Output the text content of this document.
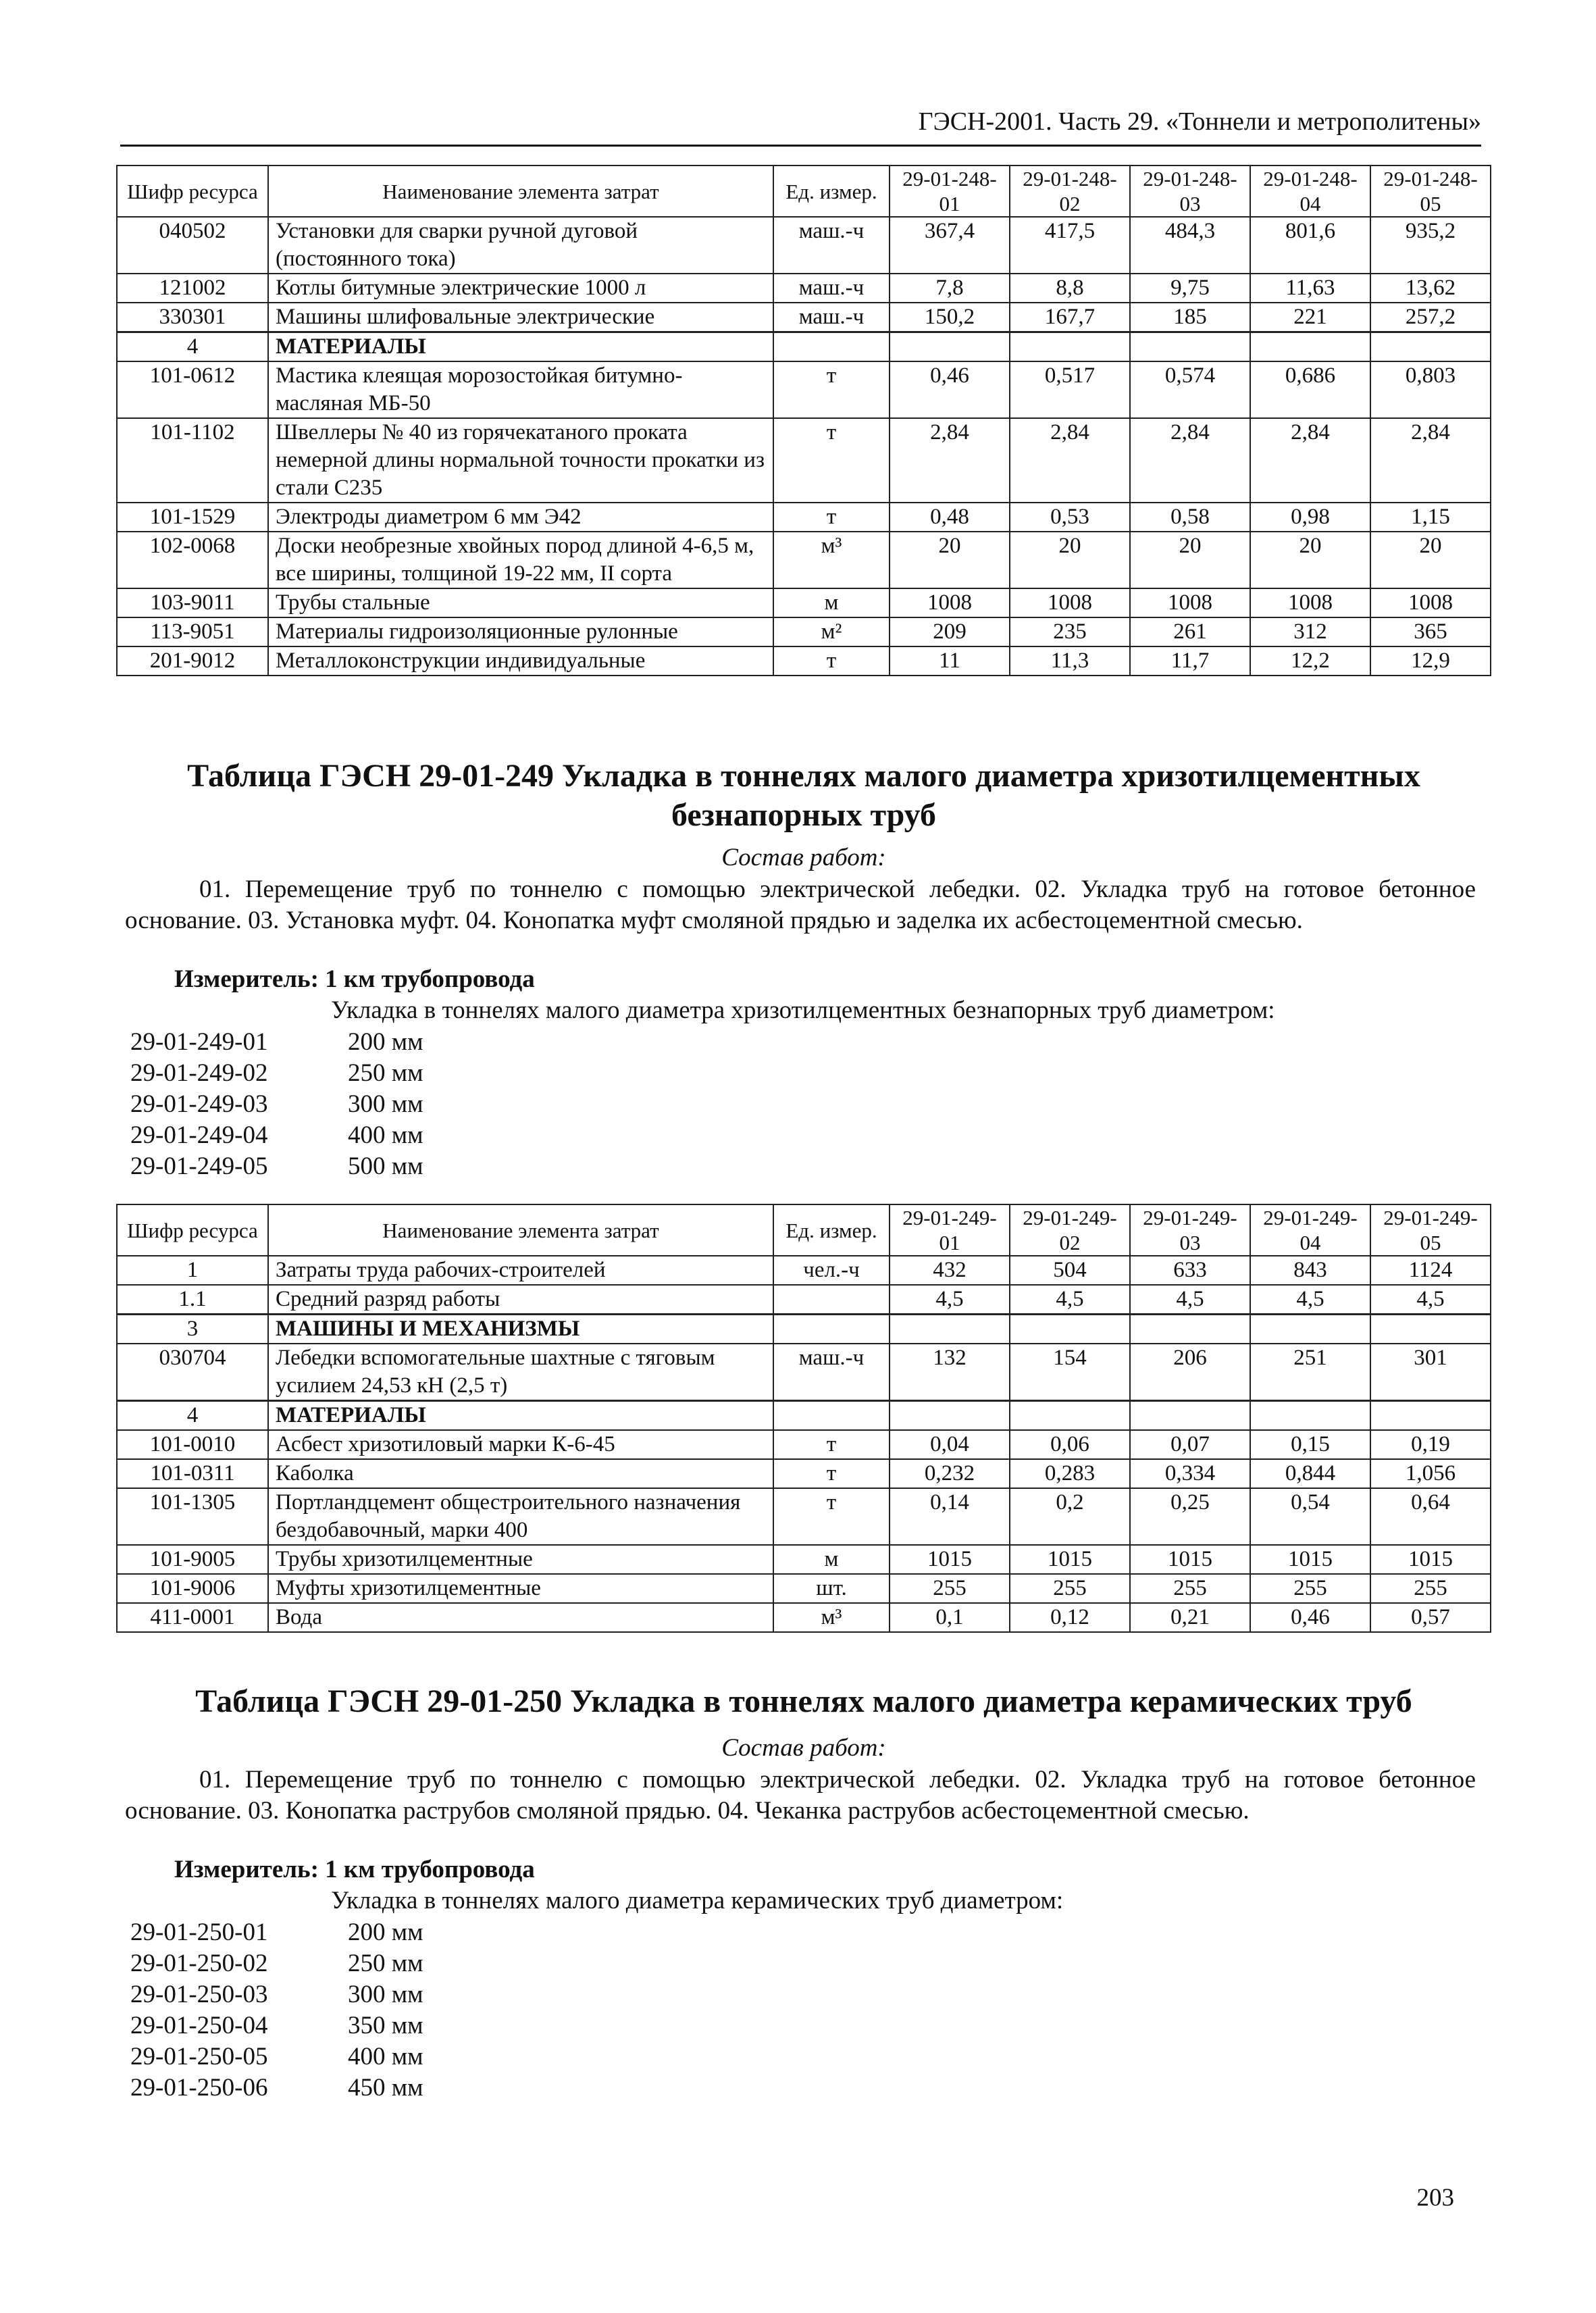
ГЭСН-2001. Часть 29. «Тоннели и метрополитены»
Шифр ресурса	Наименование элемента затрат	Ед. измер.	29-01-248-01	29-01-248-02	29-01-248-03	29-01-248-04	29-01-248-05
040502	Установки для сварки ручной дуговой (постоянного тока)	маш.-ч	367,4	417,5	484,3	801,6	935,2
121002	Котлы битумные электрические 1000 л	маш.-ч	7,8	8,8	9,75	11,63	13,62
330301	Машины шлифовальные электрические	маш.-ч	150,2	167,7	185	221	257,2
4	МАТЕРИАЛЫ						
101-0612	Мастика клеящая морозостойкая битумно-масляная МБ-50	т	0,46	0,517	0,574	0,686	0,803
101-1102	Швеллеры № 40 из горячекатаного проката немерной длины нормальной точности прокатки из стали С235	т	2,84	2,84	2,84	2,84	2,84
101-1529	Электроды диаметром 6 мм Э42	т	0,48	0,53	0,58	0,98	1,15
102-0068	Доски необрезные хвойных пород длиной 4-6,5 м, все ширины, толщиной 19-22 мм, II сорта	м³	20	20	20	20	20
103-9011	Трубы стальные	м	1008	1008	1008	1008	1008
113-9051	Материалы гидроизоляционные рулонные	м²	209	235	261	312	365
201-9012	Металлоконструкции индивидуальные	т	11	11,3	11,7	12,2	12,9
Таблица ГЭСН 29-01-249 Укладка в тоннелях малого диаметра хризотилцементных
безнапорных труб
Состав работ:

01. Перемещение труб по тоннелю с помощью электрической лебедки. 02. Укладка труб на готовое бетонное основание. 03. Установка муфт. 04. Конопатка муфт смоляной прядью и заделка их асбестоцементной смесью.

Измеритель: 1 км трубопровода
Укладка в тоннелях малого диаметра хризотилцементных безнапорных труб диаметром:
29-01-249-01	200 мм
29-01-249-02	250 мм
29-01-249-03	300 мм
29-01-249-04	400 мм
29-01-249-05	500 мм
Шифр ресурса	Наименование элемента затрат	Ед. измер.	29-01-249-01	29-01-249-02	29-01-249-03	29-01-249-04	29-01-249-05
1	Затраты труда рабочих-строителей	чел.-ч	432	504	633	843	1124
1.1	Средний разряд работы		4,5	4,5	4,5	4,5	4,5
3	МАШИНЫ И МЕХАНИЗМЫ						
030704	Лебедки вспомогательные шахтные с тяговым усилием 24,53 кН (2,5 т)	маш.-ч	132	154	206	251	301
4	МАТЕРИАЛЫ						
101-0010	Асбест хризотиловый марки К-6-45	т	0,04	0,06	0,07	0,15	0,19
101-0311	Каболка	т	0,232	0,283	0,334	0,844	1,056
101-1305	Портландцемент общестроительного назначения бездобавочный, марки 400	т	0,14	0,2	0,25	0,54	0,64
101-9005	Трубы хризотилцементные	м	1015	1015	1015	1015	1015
101-9006	Муфты хризотилцементные	шт.	255	255	255	255	255
411-0001	Вода	м³	0,1	0,12	0,21	0,46	0,57
Таблица ГЭСН 29-01-250 Укладка в тоннелях малого диаметра керамических труб
Состав работ:

01. Перемещение труб по тоннелю с помощью электрической лебедки. 02. Укладка труб на готовое бетонное основание. 03. Конопатка раструбов смоляной прядью. 04. Чеканка раструбов асбестоцементной смесью.

Измеритель: 1 км трубопровода
Укладка в тоннелях малого диаметра керамических труб диаметром:
29-01-250-01	200 мм
29-01-250-02	250 мм
29-01-250-03	300 мм
29-01-250-04	350 мм
29-01-250-05	400 мм
29-01-250-06	450 мм
203
